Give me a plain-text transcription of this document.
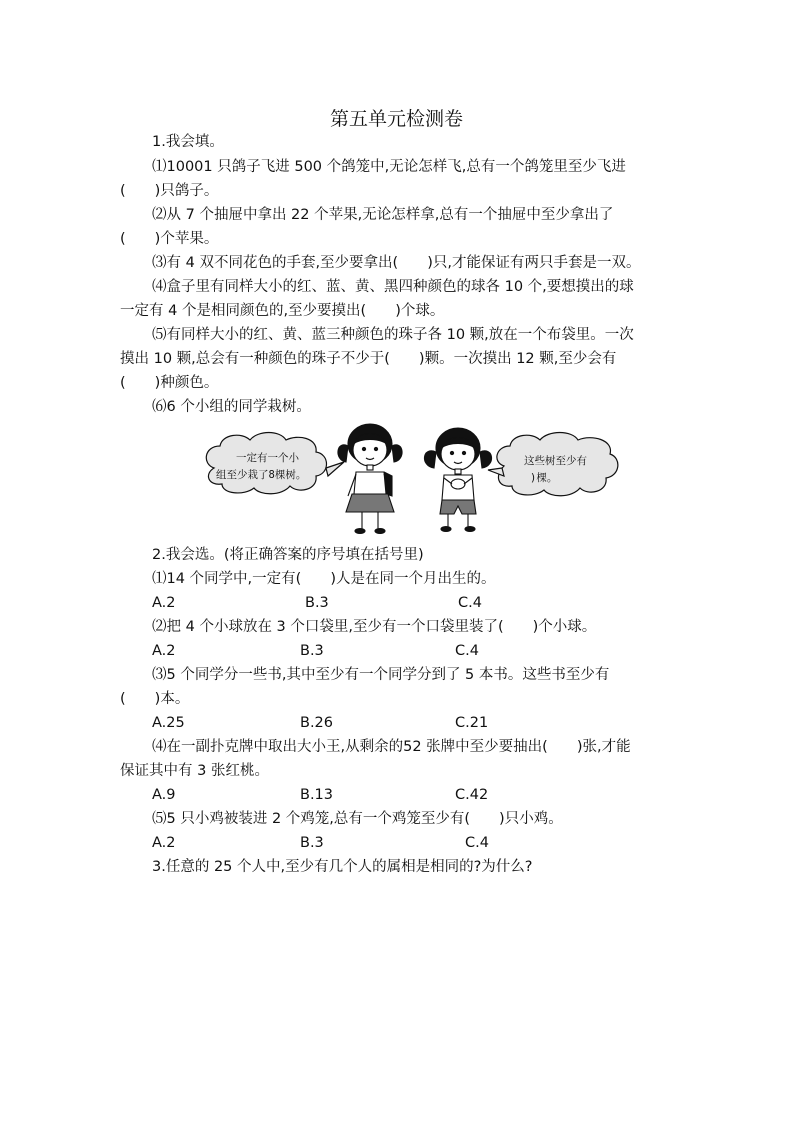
第五单元检测卷
1.我会填。
⑴10001 只鸽子飞进 500 个鸽笼中,无论怎样飞,总有一个鸽笼里至少飞进
(　　)只鸽子。
⑵从 7 个抽屉中拿出 22 个苹果,无论怎样拿,总有一个抽屉中至少拿出了
(　　)个苹果。
⑶有 4 双不同花色的手套,至少要拿出(　　)只,才能保证有两只手套是一双。
⑷盒子里有同样大小的红、蓝、黄、黑四种颜色的球各 10 个,要想摸出的球
一定有 4 个是相同颜色的,至少要摸出(　　)个球。
⑸有同样大小的红、黄、蓝三种颜色的珠子各 10 颗,放在一个布袋里。一次
摸出 10 颗,总会有一种颜色的珠子不少于(　　)颗。一次摸出 12 颗,至少会有
(　　)种颜色。
⑹6 个小组的同学栽树。
一定有一个小
组至少栽了8棵树。
这些树至少有
)棵。
2.我会选。(将正确答案的序号填在括号里)
⑴14 个同学中,一定有(　　)人是在同一个月出生的。
A.2	B.3	C.4
⑵把 4 个小球放在 3 个口袋里,至少有一个口袋里装了(　　)个小球。
A.2	B.3	C.4
⑶5 个同学分一些书,其中至少有一个同学分到了 5 本书。这些书至少有
(　　)本。
A.25	B.26	C.21
⑷在一副扑克牌中取出大小王,从剩余的52 张牌中至少要抽出(　　)张,才能
保证其中有 3 张红桃。
A.9	B.13	C.42
⑸5 只小鸡被装进 2 个鸡笼,总有一个鸡笼至少有(　　)只小鸡。
A.2	B.3	C.4
3.任意的 25 个人中,至少有几个人的属相是相同的?为什么?
